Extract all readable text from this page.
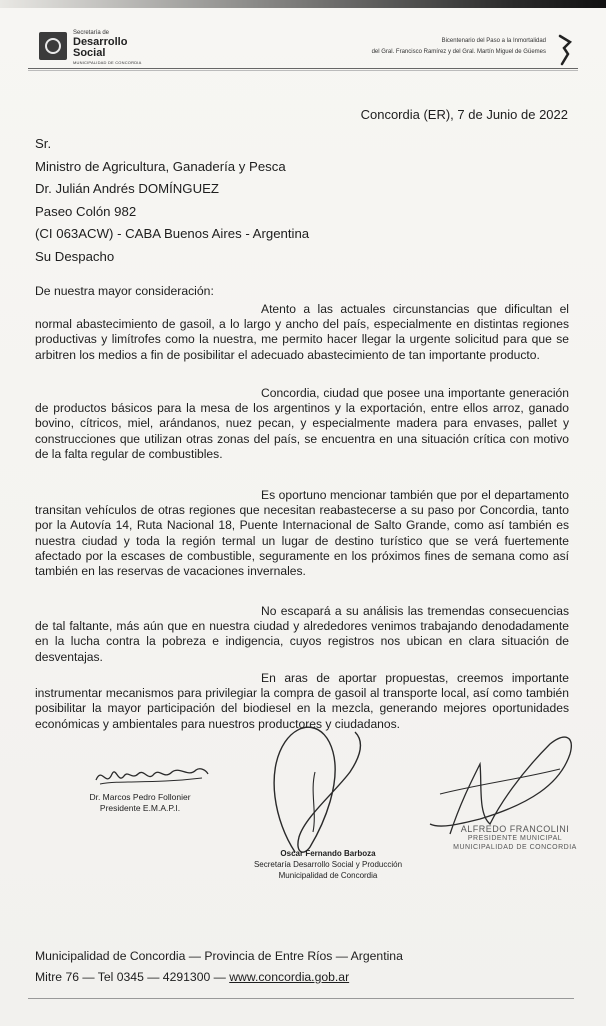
Secretaría de
Desarrollo
Social
MUNICIPALIDAD DE CONCORDIA
Bicentenario del Paso a la Inmortalidad
del Gral. Francisco Ramírez y del Gral. Martín Miguel de Güemes
Concordia (ER), 7 de Junio de 2022
Sr.
Ministro de Agricultura, Ganadería y Pesca
Dr. Julián Andrés DOMÍNGUEZ
Paseo Colón 982
(CI 063ACW) - CABA Buenos Aires - Argentina
Su Despacho
De nuestra mayor consideración:
Atento a las actuales circunstancias que dificultan el normal abastecimiento de gasoil, a lo largo y ancho del país, especialmente en distintas regiones productivas y limítrofes como la nuestra, me permito hacer llegar la urgente solicitud para que se arbitren los medios a fin de posibilitar el adecuado abastecimiento de tan importante producto.
Concordia, ciudad que posee una importante generación de productos básicos para la mesa de los argentinos y la exportación, entre ellos arroz, ganado bovino, cítricos, miel, arándanos, nuez pecan, y especialmente madera para envases, pallet y construcciones que utilizan otras zonas del país, se encuentra en una situación crítica con motivo de la falta regular de combustibles.
Es oportuno mencionar también que por el departamento transitan vehículos de otras regiones que necesitan reabastecerse a su paso por Concordia, tanto por la Autovía 14, Ruta Nacional 18, Puente Internacional de Salto Grande, como así también es nuestra ciudad y toda la región termal un lugar de destino turístico que se verá fuertemente afectado por la escases de combustible, seguramente en los próximos fines de semana como así también en las reservas de vacaciones invernales.
No escapará a su análisis las tremendas consecuencias de tal faltante, más aún que en nuestra ciudad y alrededores venimos trabajando denodadamente en la lucha contra la pobreza e indigencia, cuyos registros nos ubican en clara situación de desventajas.
En aras de aportar propuestas, creemos importante instrumentar mecanismos para privilegiar la compra de gasoil al transporte local, así como también posibilitar la mayor participación del biodiesel en la mezcla, generando mejores oportunidades económicas y ambientales para nuestros productores y ciudadanos.
Dr. Marcos Pedro Follonier
Presidente E.M.A.P.I.
Oscar Fernando Barboza
Secretaría Desarrollo Social y Producción
Municipalidad de Concordia
ALFREDO FRANCOLINI
PRESIDENTE MUNICIPAL
MUNICIPALIDAD DE CONCORDIA
Municipalidad de Concordia — Provincia de Entre Ríos — Argentina
Mitre 76 — Tel 0345 — 4291300 — www.concordia.gob.ar
